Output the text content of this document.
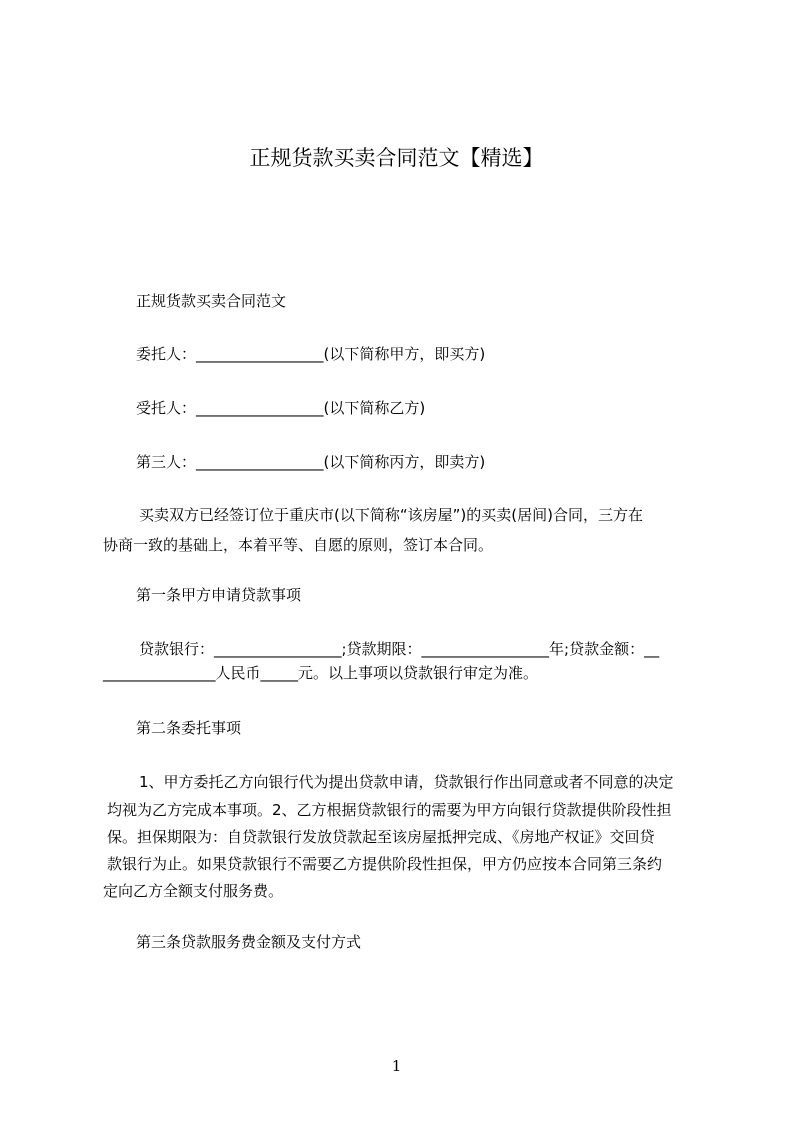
正规货款买卖合同范文【精选】
正规货款买卖合同范文
委托人：_________________(以下简称甲方，即买方)
受托人：_________________(以下简称乙方)
第三人：_________________(以下简称丙方，即卖方)
买卖双方已经签订位于重庆市(以下简称“该房屋”)的买卖(居间)合同，三方在
协商一致的基础上，本着平等、自愿的原则，签订本合同。
第一条甲方申请贷款事项
贷款银行：_________________;贷款期限：_________________年;贷款金额：__
_______________人民币_____元。以上事项以贷款银行审定为准。
第二条委托事项
1、甲方委托乙方向银行代为提出贷款申请，贷款银行作出同意或者不同意的决定
均视为乙方完成本事项。2、乙方根据贷款银行的需要为甲方向银行贷款提供阶段性担
保。担保期限为：自贷款银行发放贷款起至该房屋抵押完成、《房地产权证》交回贷
款银行为止。如果贷款银行不需要乙方提供阶段性担保，甲方仍应按本合同第三条约
定向乙方全额支付服务费。
第三条贷款服务费金额及支付方式
1
